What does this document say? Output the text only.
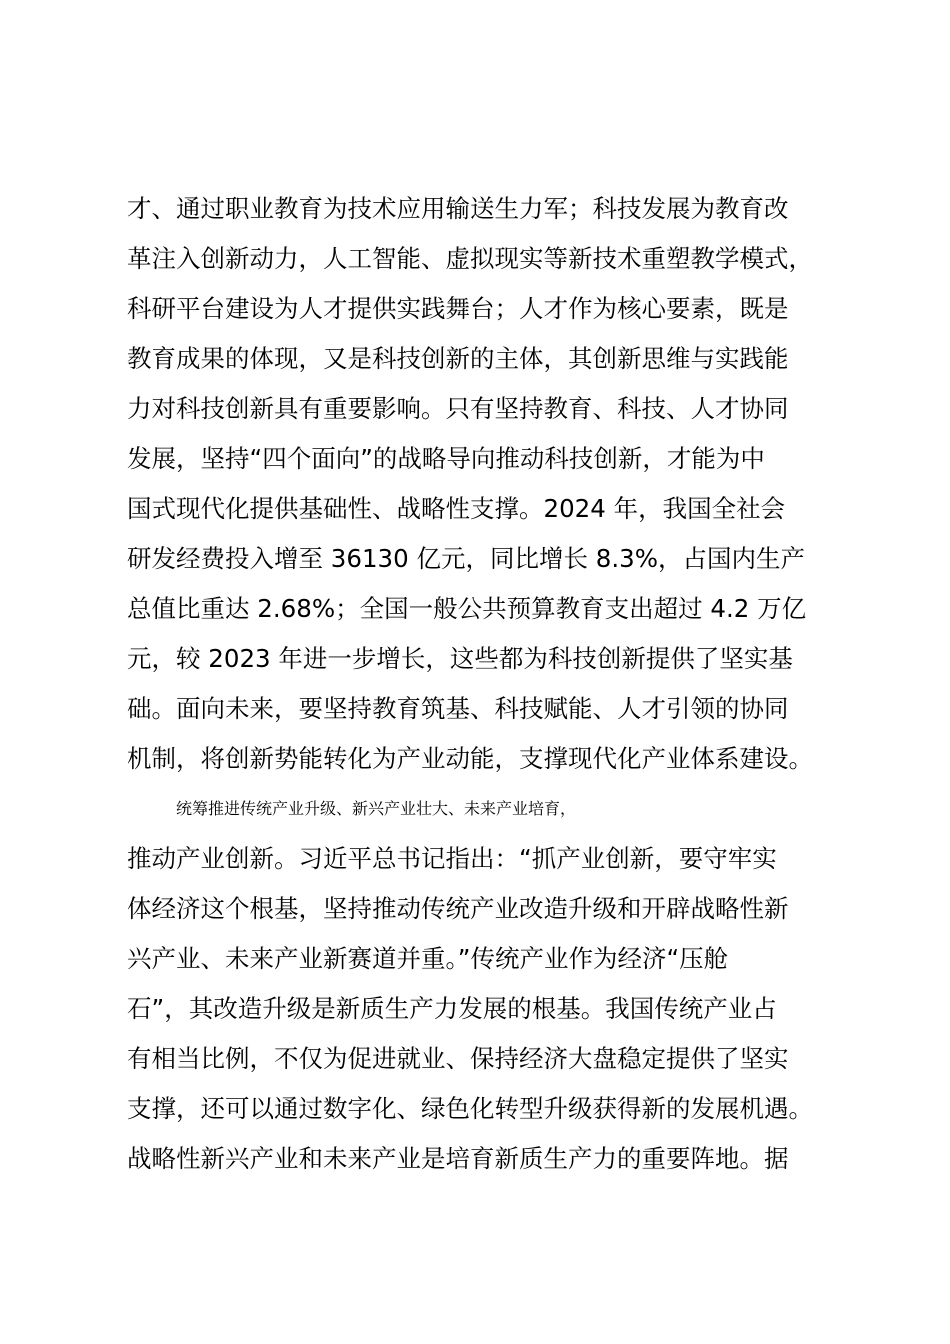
才、通过职业教育为技术应用输送生力军；科技发展为教育改
革注入创新动力，人工智能、虚拟现实等新技术重塑教学模式，
科研平台建设为人才提供实践舞台；人才作为核心要素，既是
教育成果的体现，又是科技创新的主体，其创新思维与实践能
力对科技创新具有重要影响。只有坚持教育、科技、人才协同
发展，坚持“四个面向”的战略导向推动科技创新，才能为中
国式现代化提供基础性、战略性支撑。2024 年，我国全社会
研发经费投入增至 36130 亿元，同比增长 8.3%，占国内生产
总值比重达 2.68%；全国一般公共预算教育支出超过 4.2 万亿
元，较 2023 年进一步增长，这些都为科技创新提供了坚实基
础。面向未来，要坚持教育筑基、科技赋能、人才引领的协同
机制，将创新势能转化为产业动能，支撑现代化产业体系建设。
统筹推进传统产业升级、新兴产业壮大、未来产业培育，
推动产业创新。习近平总书记指出：“抓产业创新，要守牢实
体经济这个根基，坚持推动传统产业改造升级和开辟战略性新
兴产业、未来产业新赛道并重。”传统产业作为经济“压舱
石”，其改造升级是新质生产力发展的根基。我国传统产业占
有相当比例，不仅为促进就业、保持经济大盘稳定提供了坚实
支撑，还可以通过数字化、绿色化转型升级获得新的发展机遇。
战略性新兴产业和未来产业是培育新质生产力的重要阵地。据
